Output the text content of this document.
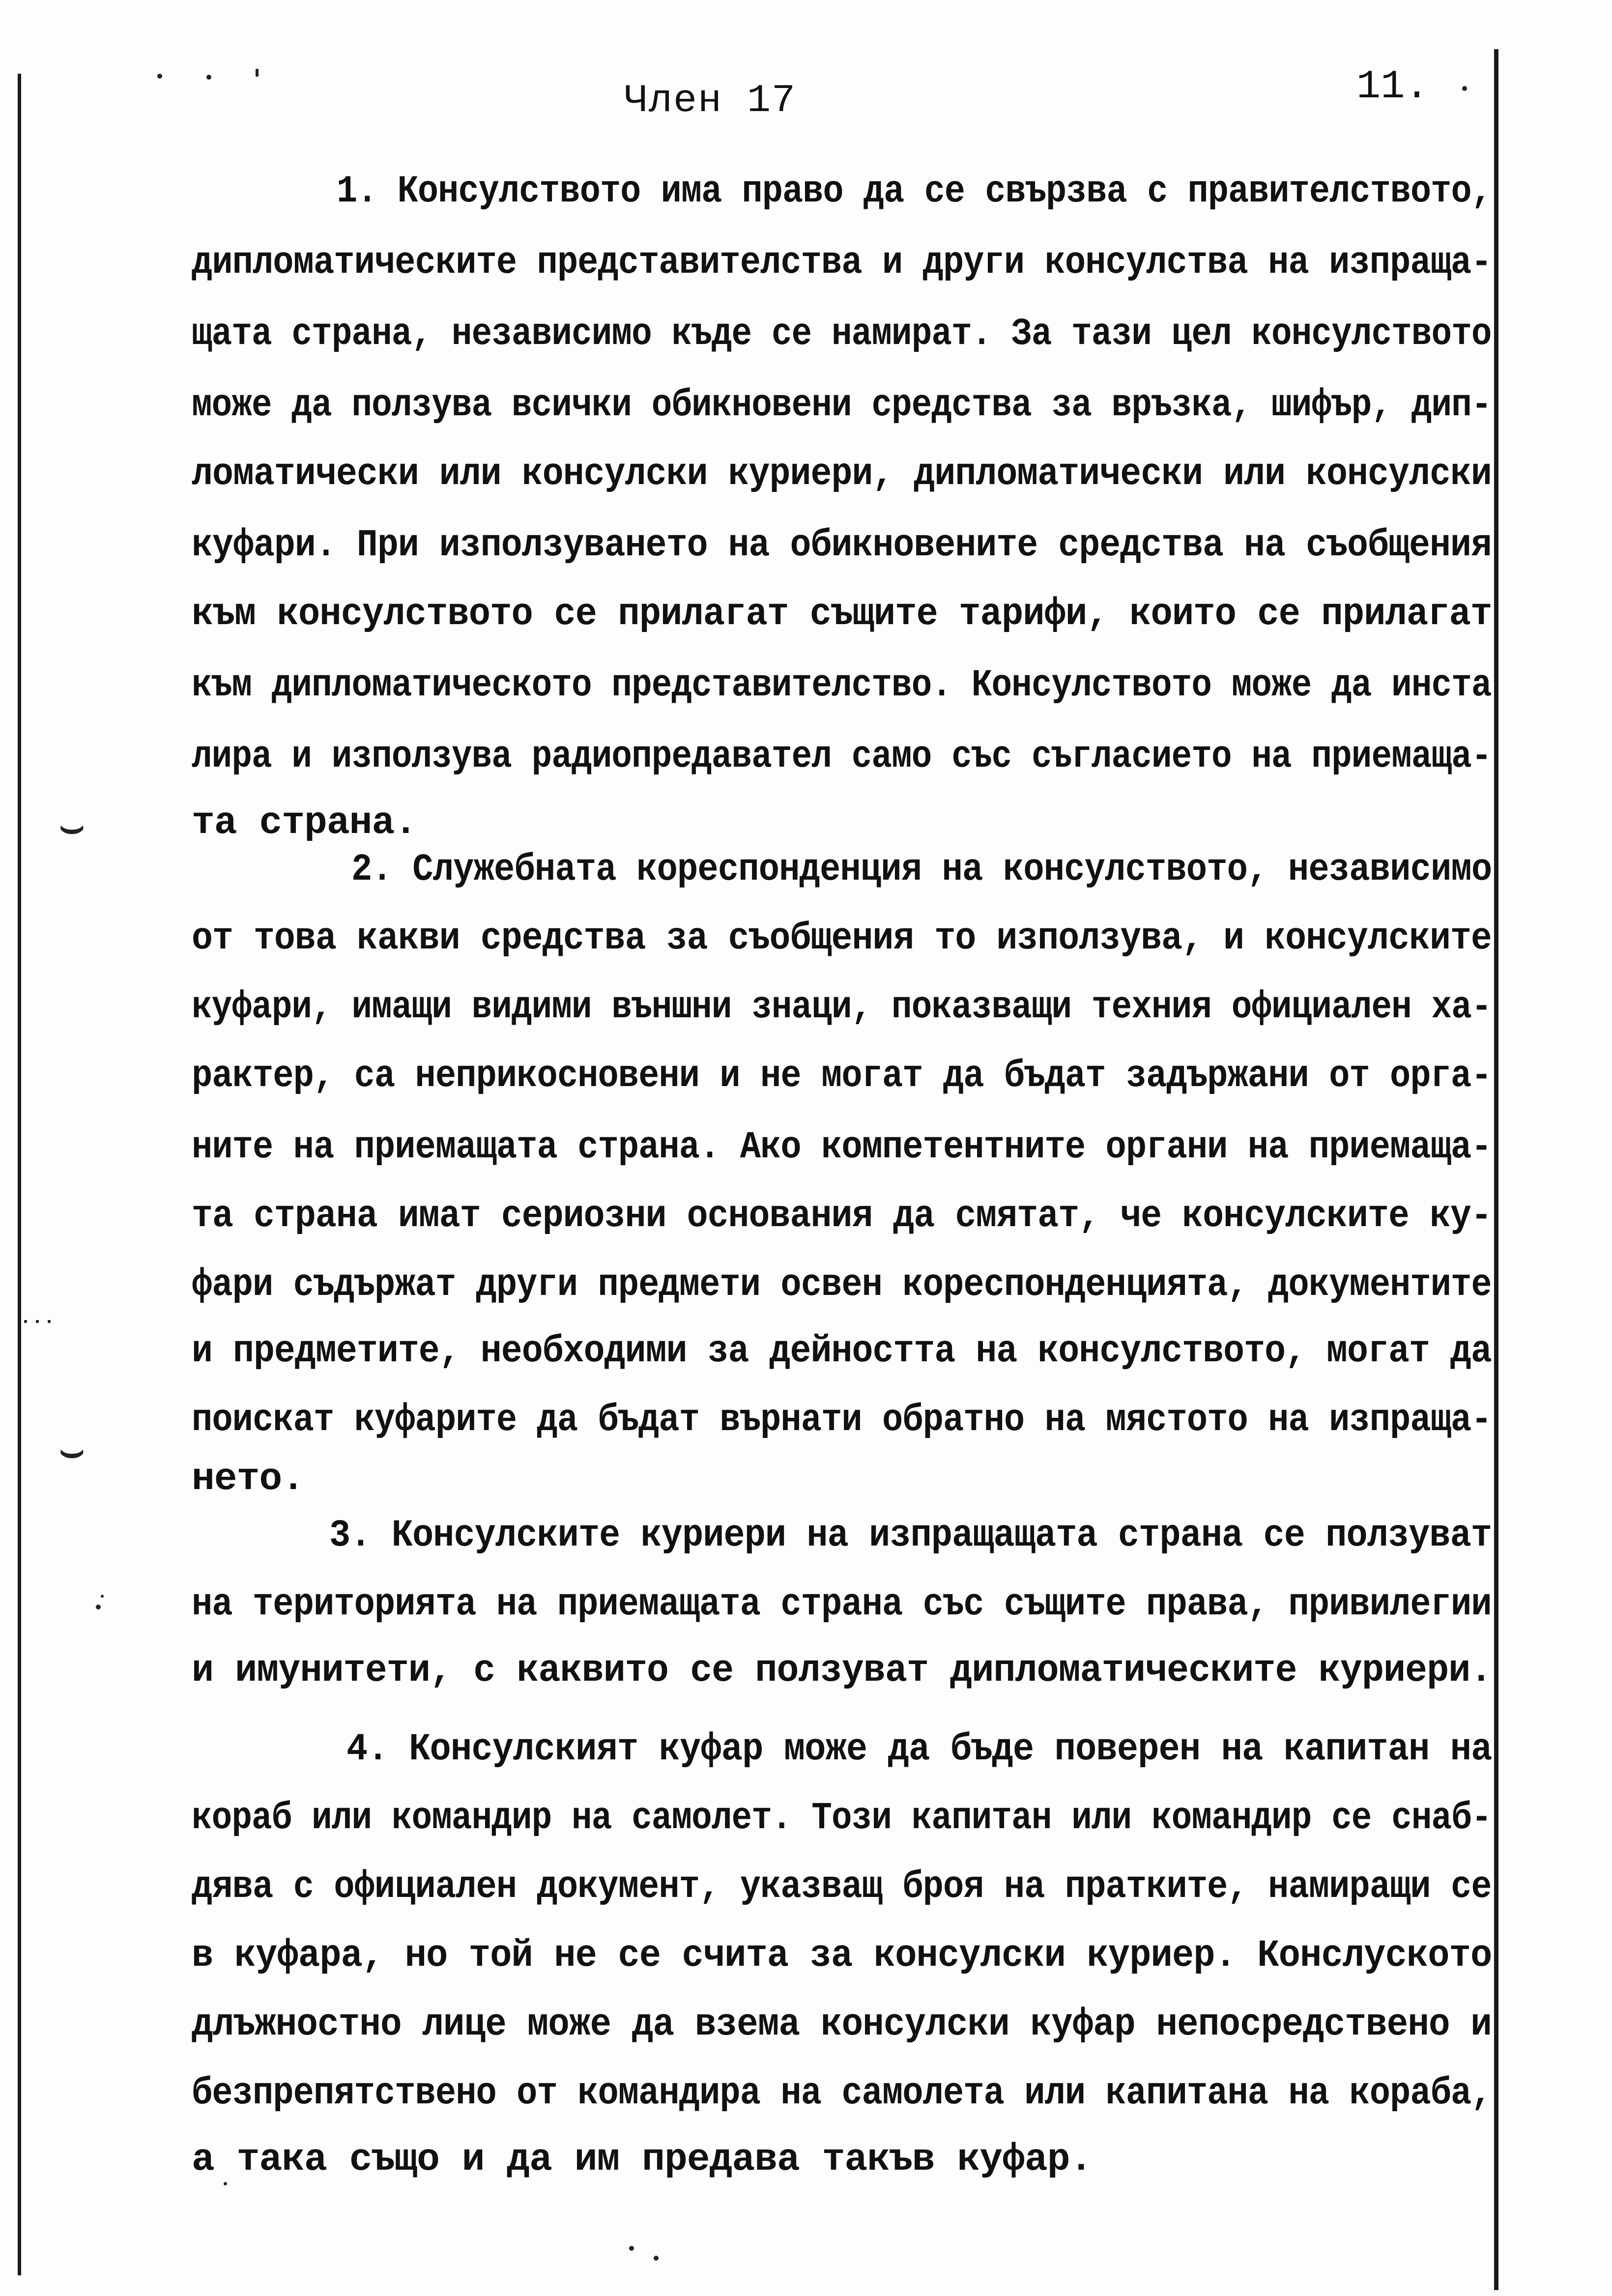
⌣
⌣
...
Член 17	11.
1. Консулството има право да се свързва с правителството,
дипломатическите представителства и други консулства на изпраща-
щата страна, независимо къде се намират. За тази цел консулството
може да ползува всички обикновени средства за връзка, шифър, дип-
ломатически или консулски куриери, дипломатически или консулски
куфари. При използуването на обикновените средства на съобщения
към консулството се прилагат същите тарифи, които се прилагат
към дипломатическото представителство. Консулството може да инста
лира и използува радиопредавател само със съгласието на приемаща-
та страна.
2. Служебната кореспонденция на консулството, независимо
от това какви средства за съобщения то използува, и консулските
куфари, имащи видими външни знаци, показващи техния официален ха-
рактер, са неприкосновени и не могат да бъдат задържани от орга-
ните на приемащата страна. Ако компетентните органи на приемаща-
та страна имат сериозни основания да смятат, че консулските ку-
фари съдържат други предмети освен кореспонденцията, документите
и предметите, необходими за дейността на консулството, могат да
поискат куфарите да бъдат върнати обратно на мястото на изпраща-
нето.
3. Консулските куриери на изпращащата страна се ползуват
на територията на приемащата страна със същите права, привилегии
и имунитети, с каквито се ползуват дипломатическите куриери.
4. Консулският куфар може да бъде поверен на капитан на
кораб или командир на самолет. Този капитан или командир се снаб-
дява с официален документ, указващ броя на пратките, намиращи се
в куфара, но той не се счита за консулски куриер. Конслуското
длъжностно лице може да взема консулски куфар непосредствено и
безпрепятствено от командира на самолета или капитана на кораба,
а така също и да им предава такъв куфар.
